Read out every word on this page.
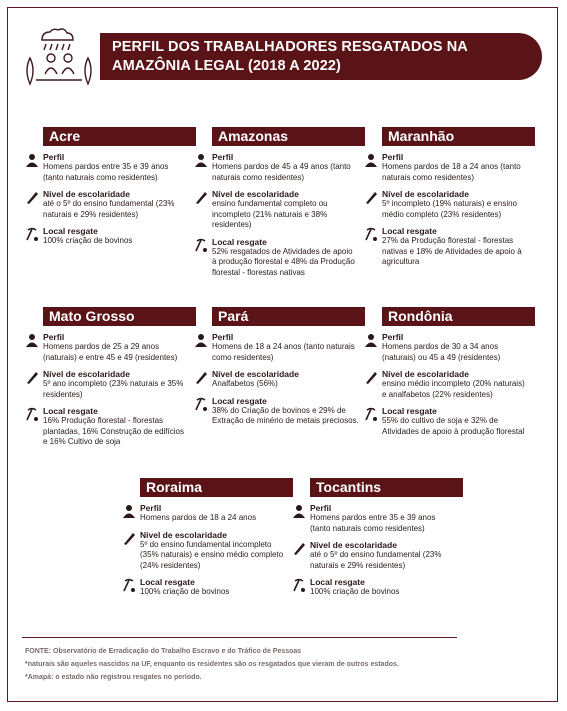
PERFIL DOS TRABALHADORES RESGATADOS NA AMAZÔNIA LEGAL (2018 A 2022)
Acre
Perfil
Homens pardos entre 35 e 39 anos (tanto naturais como residentes)
Nível de escolaridade
até o 5º do ensino fundamental (23% naturais e 29% residentes)
Local resgate
100% criação de bovinos
Amazonas
Perfil
Homens pardos de 45 a 49 anos (tanto naturais como residentes)
Nível de escolaridade
ensino fundamental completo ou incompleto (21% naturais e 38% residentes)
Local resgate
52% resgatados de Atividades de apoio à produção florestal e 48% da Produção florestal - florestas nativas
Maranhão
Perfil
Homens pardos de 18 a 24 anos (tanto naturais como residentes)
Nível de escolaridade
5º incompleto (19% naturais) e ensino médio completo (23% residentes)
Local resgate
27% da Produção florestal - florestas nativas e 18% de Atividades de apoio à agricultura
Mato Grosso
Perfil
Homens pardos de 25 a 29 anos (naturais) e entre 45 e 49 (residentes)
Nível de escolaridade
5º ano incompleto (23% naturais e 35% residentes)
Local resgate
16% Produção florestal - florestas plantadas, 16% Construção de edifícios e 16% Cultivo de soja
Pará
Perfil
Homens de 18 a 24 anos (tanto naturais como residentes)
Nível de escolaridade
Analfabetos (56%)
Local resgate
38% do Criação de bovinos e 29% de Extração de minério de metais preciosos.
Rondônia
Perfil
Homens pardos de 30 a 34 anos (naturais) ou 45 a 49 (residentes)
Nível de escolaridade
ensino médio incompleto (20% naturais) e analfabetos (22% residentes)
Local resgate
55% do cultivo de soja e 32% de Atividades de apoio à produção florestal
Roraima
Perfil
Homens pardos de 18 a 24 anos
Nivel de escolaridade
5º do ensino fundamental incompleto (35% naturais) e ensino médio completo (24% residentes)
Local resgate
100% criação de bovinos
Tocantins
Perfil
Homens pardos entre 35 e 39 anos (tanto naturais como residentes)
Nível de escolaridade
até o 5º do ensino fundamental (23% naturais e 29% residentes)
Local resgate
100% criação de bovinos
FONTE: Observatório de Erradicação do Trabalho Escravo e do Tráfico de Pessoas
*naturais são aqueles nascidos na UF, enquanto os residentes são os resgatados que vieram de outros estados.
*Amapá: o estado não registrou resgates no período.
